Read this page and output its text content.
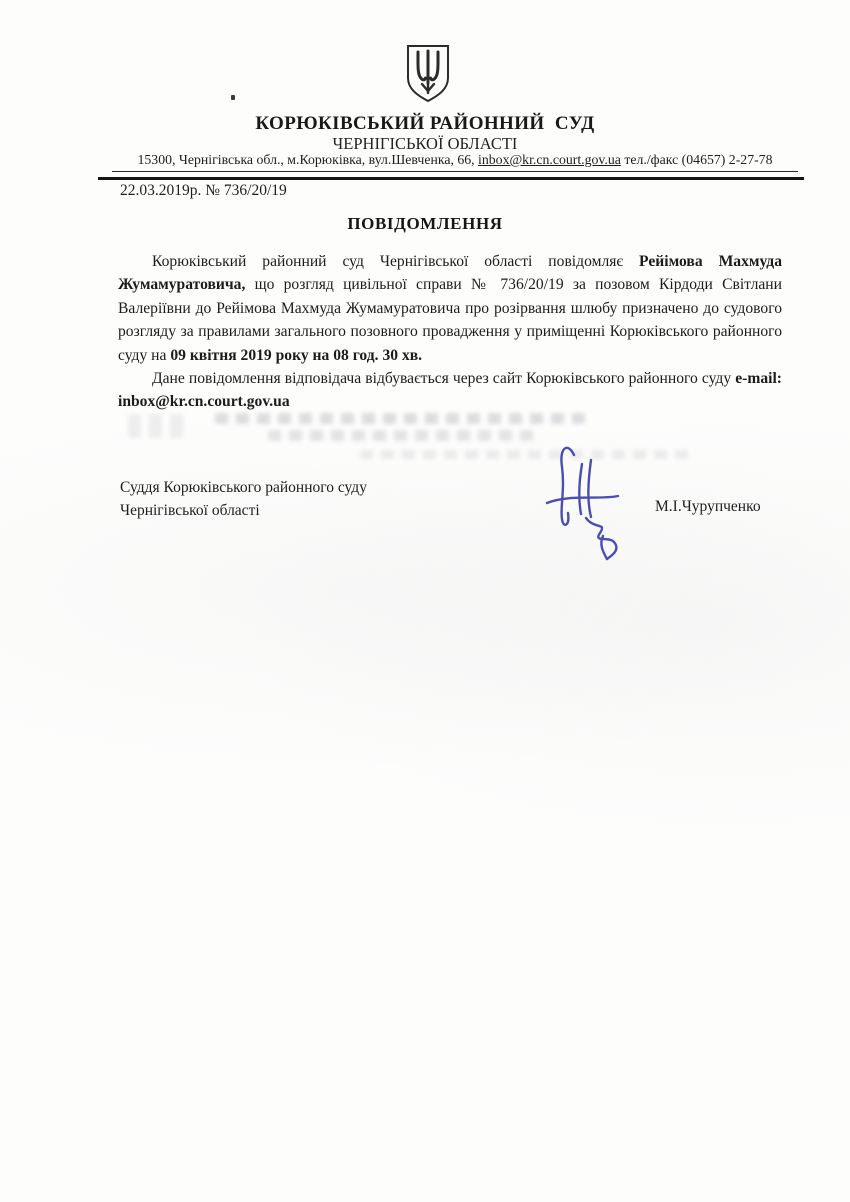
КОРЮКІВСЬКИЙ РАЙОННИЙ  СУД
ЧЕРНІГІСЬКОЇ ОБЛАСТІ
15300, Чернігівська обл., м.Корюківка, вул.Шевченка, 66, inbox@kr.cn.court.gov.ua тел./факс (04657) 2-27-78
22.03.2019р. № 736/20/19
ПОВІДОМЛЕННЯ

Корюківський районний суд Чернігівської області повідомляє Рейімова Махмуда Жумамуратовича, що розгляд цивільної справи № 736/20/19 за позовом Кірдоди Світлани Валеріївни до Рейімова Махмуда Жумамуратовича про розірвання шлюбу призначено до судового розгляду за правилами загального позовного провадження у приміщенні Корюківського районного суду на 09 квітня 2019 року на 08 год. 30 хв.

Дане повідомлення відповідача відбувається через сайт Корюківського районного суду e-mail: inbox@kr.cn.court.gov.ua

Суддя Корюківського районного суду
Чернігівської області	М.І.Чурупченко
